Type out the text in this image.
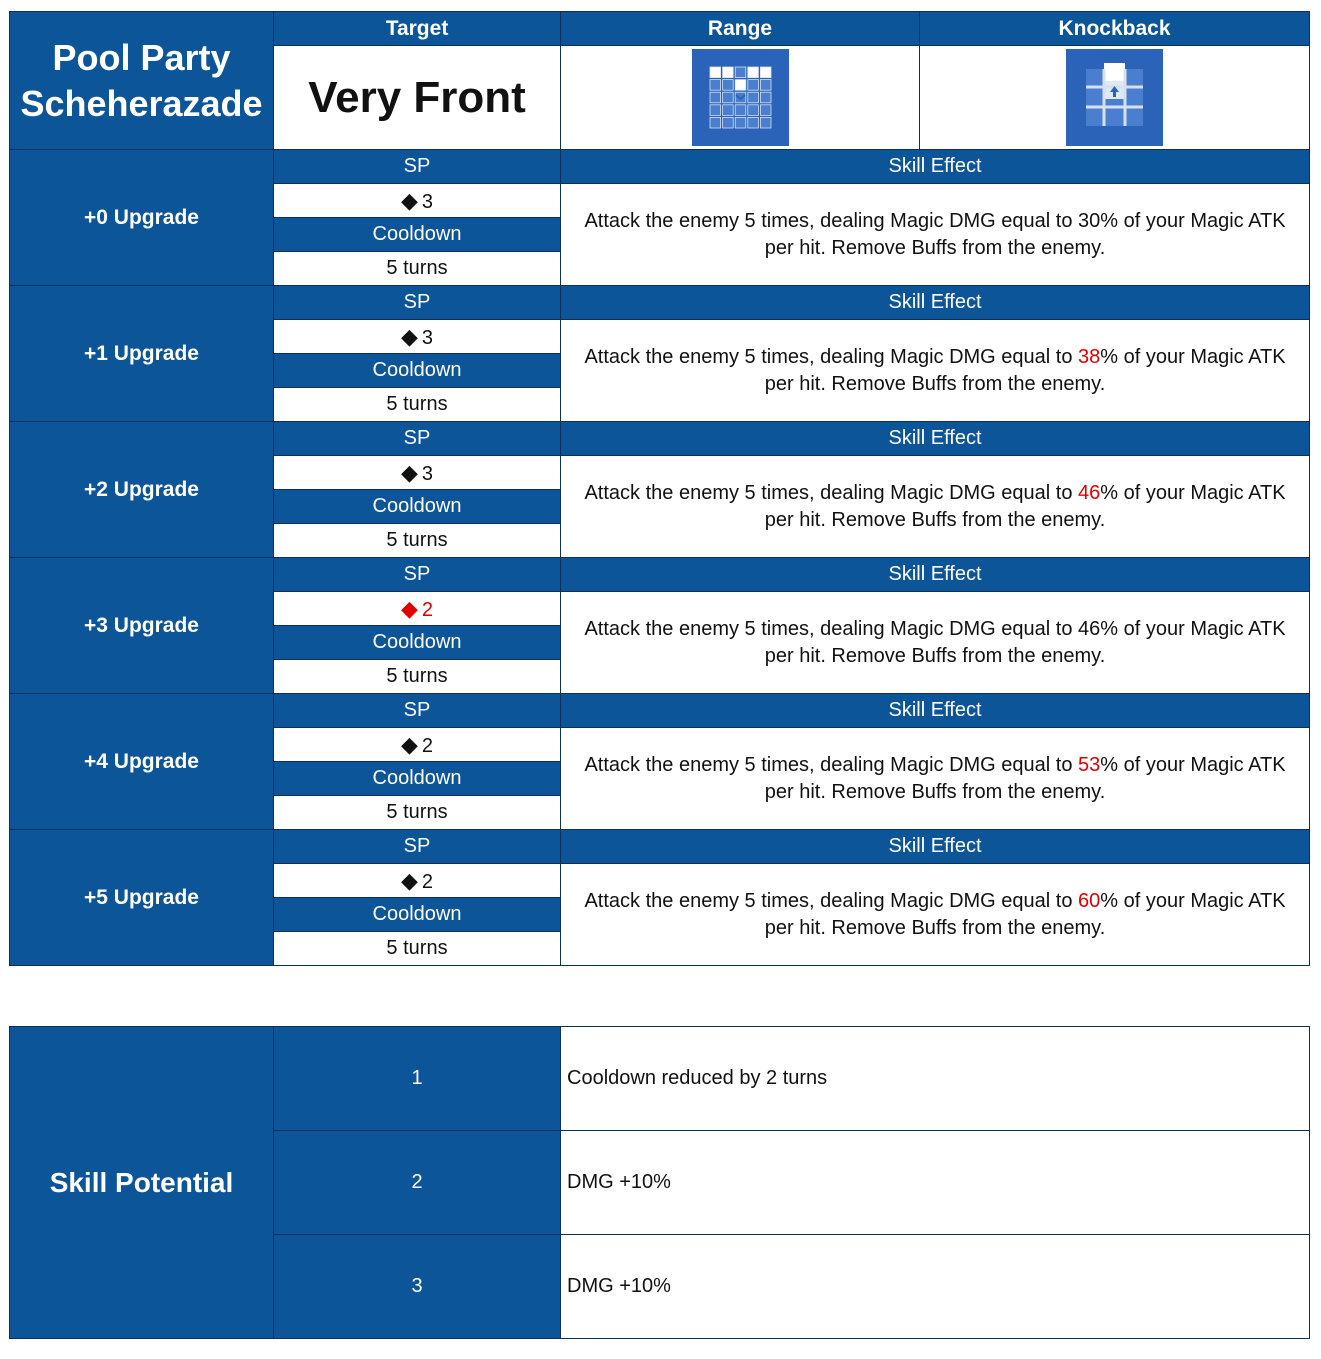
Pool Party
Scheherazade	Target	Range	Knockback
	Very Front	

+0 Upgrade	SP	Skill Effect	
	◆ 3	Attack the enemy 5 times, dealing Magic DMG equal to 30% of your Magic ATK per hit. Remove Buffs from the enemy.	
	Cooldown		
	5 turns		
+1 Upgrade	SP	Skill Effect	
	◆ 3	Attack the enemy 5 times, dealing Magic DMG equal to 38% of your Magic ATK per hit. Remove Buffs from the enemy.	
	Cooldown		
	5 turns		
+2 Upgrade	SP	Skill Effect	
	◆ 3	Attack the enemy 5 times, dealing Magic DMG equal to 46% of your Magic ATK per hit. Remove Buffs from the enemy.	
	Cooldown		
	5 turns		
+3 Upgrade	SP	Skill Effect	
	◆ 2	Attack the enemy 5 times, dealing Magic DMG equal to 46% of your Magic ATK per hit. Remove Buffs from the enemy.	
	Cooldown		
	5 turns		
+4 Upgrade	SP	Skill Effect	
	◆ 2	Attack the enemy 5 times, dealing Magic DMG equal to 53% of your Magic ATK per hit. Remove Buffs from the enemy.	
	Cooldown		
	5 turns		
+5 Upgrade	SP	Skill Effect	
	◆ 2	Attack the enemy 5 times, dealing Magic DMG equal to 60% of your Magic ATK per hit. Remove Buffs from the enemy.	
	Cooldown		
	5 turns		
Skill Potential	1	Cooldown reduced by 2 turns
	2	DMG +10%
	3	DMG +10%
